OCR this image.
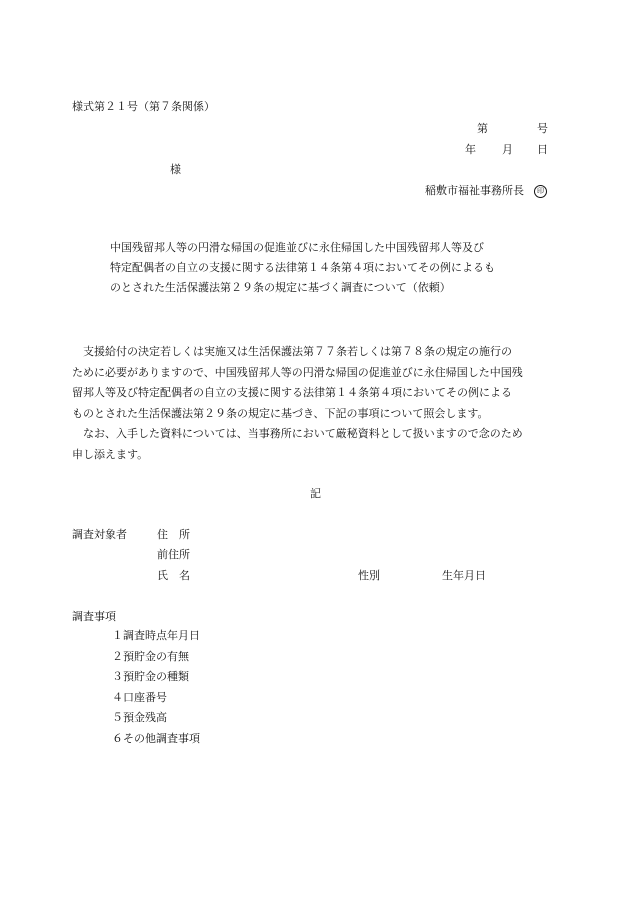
様式第２１号（第７条関係）
第	号
年 月 日
様
稲敷市福祉事務所長 印
中国残留邦人等の円滑な帰国の促進並びに永住帰国した中国残留邦人等及び
特定配偶者の自立の支援に関する法律第１４条第４項においてその例によるも
のとされた生活保護法第２９条の規定に基づく調査について（依頼）
　支援給付の決定若しくは実施又は生活保護法第７７条若しくは第７８条の規定の施行の
ために必要がありますので、中国残留邦人等の円滑な帰国の促進並びに永住帰国した中国残
留邦人等及び特定配偶者の自立の支援に関する法律第１４条第４項においてその例による
ものとされた生活保護法第２９条の規定に基づき、下記の事項について照会します。
　なお、入手した資料については、当事務所において厳秘資料として扱いますので念のため
申し添えます。
記
調査対象者	住　所
前住所
氏　名	性別	生年月日
調査事項
１調査時点年月日
２預貯金の有無
３預貯金の種類
４口座番号
５預金残高
６その他調査事項
